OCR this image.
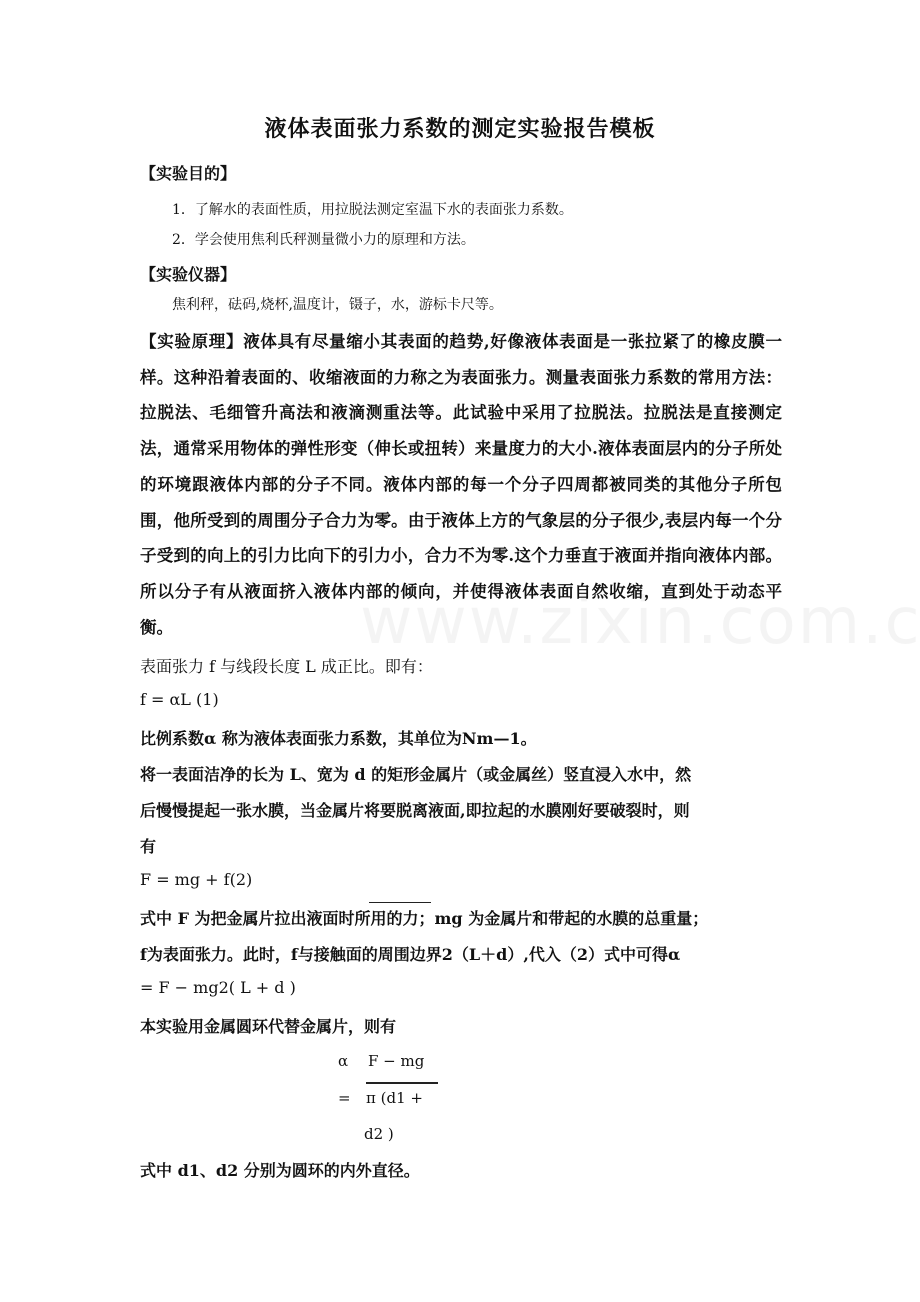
液体表面张力系数的测定实验报告模板
【实验目的】
1．了解水的表面性质，用拉脱法测定室温下水的表面张力系数。
2．学会使用焦利氏秤测量微小力的原理和方法。
【实验仪器】
焦利秤，砝码,烧杯,温度计，镊子，水，游标卡尺等。
【实验原理】液体具有尽量缩小其表面的趋势,好像液体表面是一张拉紧了的橡皮膜一样。这种沿着表面的、收缩液面的力称之为表面张力。测量表面张力系数的常用方法：拉脱法、毛细管升高法和液滴测重法等。此试验中采用了拉脱法。拉脱法是直接测定法，通常采用物体的弹性形变（伸长或扭转）来量度力的大小.液体表面层内的分子所处的环境跟液体内部的分子不同。液体内部的每一个分子四周都被同类的其他分子所包围，他所受到的周围分子合力为零。由于液体上方的气象层的分子很少,表层内每一个分子受到的向上的引力比向下的引力小，合力不为零.这个力垂直于液面并指向液体内部。所以分子有从液面挤入液体内部的倾向，并使得液体表面自然收缩，直到处于动态平衡。
表面张力 f 与线段长度 L 成正比。即有：
f = αL (1)
比例系数α 称为液体表面张力系数，其单位为Nm—1。
将一表面洁净的长为 L、宽为 d 的矩形金属片（或金属丝）竖直浸入水中，然
后慢慢提起一张水膜，当金属片将要脱离液面,即拉起的水膜刚好要破裂时，则
有
F = mg + f(2)
式中 F 为把金属片拉出液面时所用的力；mg 为金属片和带起的水膜的总重量；
f为表面张力。此时，f与接触面的周围边界2（L＋d）,代入（2）式中可得α
= F − mg2( L + d )
本实验用金属圆环代替金属片，则有
α F − mg
= π (d1 +
d2 )
式中 d1、d2 分别为圆环的内外直径。
